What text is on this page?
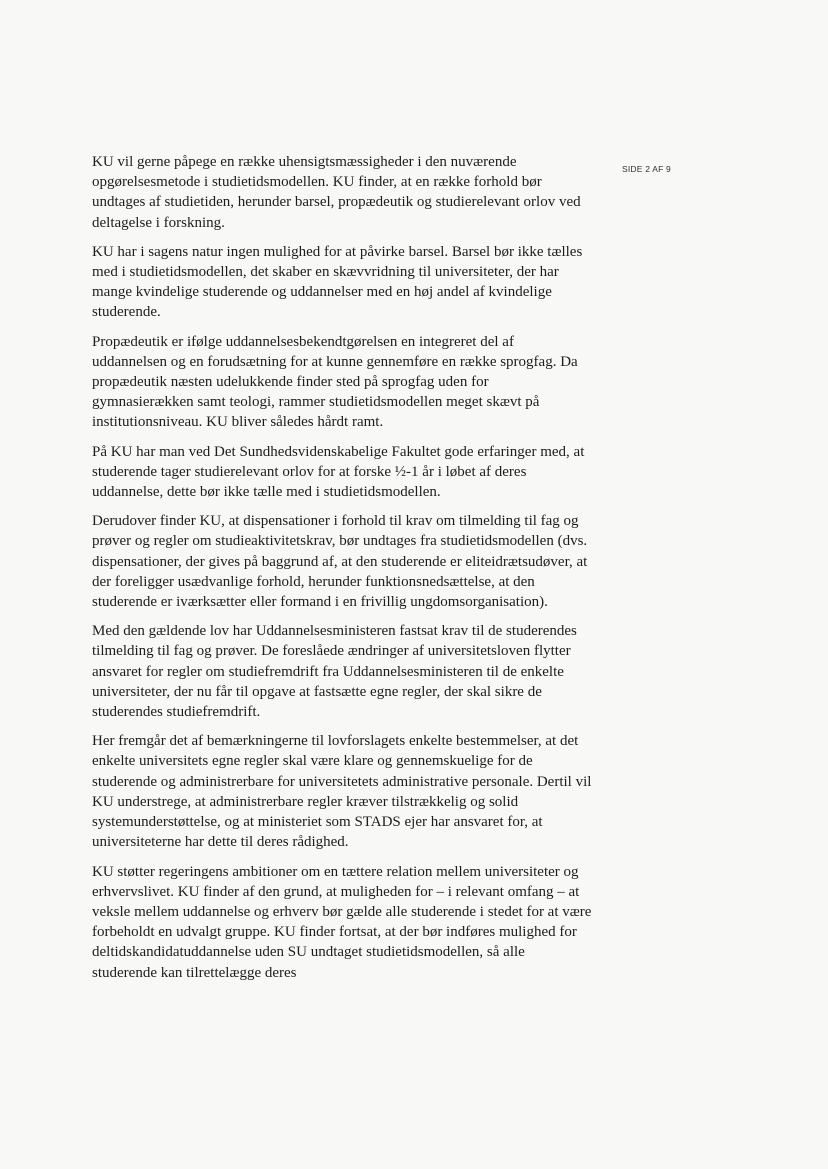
SIDE 2 AF 9

KU vil gerne påpege en række uhensigtsmæssigheder i den nuværende opgørelsesmetode i studietidsmodellen. KU finder, at en række forhold bør undtages af studietiden, herunder barsel, propædeutik og studierelevant orlov ved deltagelse i forskning.

KU har i sagens natur ingen mulighed for at påvirke barsel. Barsel bør ikke tælles med i studietidsmodellen, det skaber en skævvridning til universiteter, der har mange kvindelige studerende og uddannelser med en høj andel af kvindelige studerende.

Propædeutik er ifølge uddannelsesbekendtgørelsen en integreret del af uddannelsen og en forudsætning for at kunne gennemføre en række sprogfag. Da propædeutik næsten udelukkende finder sted på sprogfag uden for gymnasierækken samt teologi, rammer studietidsmodellen meget skævt på institutionsniveau. KU bliver således hårdt ramt.

På KU har man ved Det Sundhedsvidenskabelige Fakultet gode erfaringer med, at studerende tager studierelevant orlov for at forske ½-1 år i løbet af deres uddannelse, dette bør ikke tælle med i studietidsmodellen.

Derudover finder KU, at dispensationer i forhold til krav om tilmelding til fag og prøver og regler om studieaktivitetskrav, bør undtages fra studietidsmodellen (dvs. dispensationer, der gives på baggrund af, at den studerende er eliteidrætsudøver, at der foreligger usædvanlige forhold, herunder funktionsnedsættelse, at den studerende er iværksætter eller formand i en frivillig ungdomsorganisation).

Med den gældende lov har Uddannelsesministeren fastsat krav til de studerendes tilmelding til fag og prøver. De foreslåede ændringer af universitetsloven flytter ansvaret for regler om studiefremdrift fra Uddannelsesministeren til de enkelte universiteter, der nu får til opgave at fastsætte egne regler, der skal sikre de studerendes studiefremdrift.

Her fremgår det af bemærkningerne til lovforslagets enkelte bestemmelser, at det enkelte universitets egne regler skal være klare og gennemskuelige for de studerende og administrerbare for universitetets administrative personale. Dertil vil KU understrege, at administrerbare regler kræver tilstrækkelig og solid systemunderstøttelse, og at ministeriet som STADS ejer har ansvaret for, at universiteterne har dette til deres rådighed.

KU støtter regeringens ambitioner om en tættere relation mellem universiteter og erhvervslivet. KU finder af den grund, at muligheden for – i relevant omfang – at veksle mellem uddannelse og erhverv bør gælde alle studerende i stedet for at være forbeholdt en udvalgt gruppe. KU finder fortsat, at der bør indføres mulighed for deltidskandidatuddannelse uden SU undtaget studietidsmodellen, så alle studerende kan tilrettelægge deres
